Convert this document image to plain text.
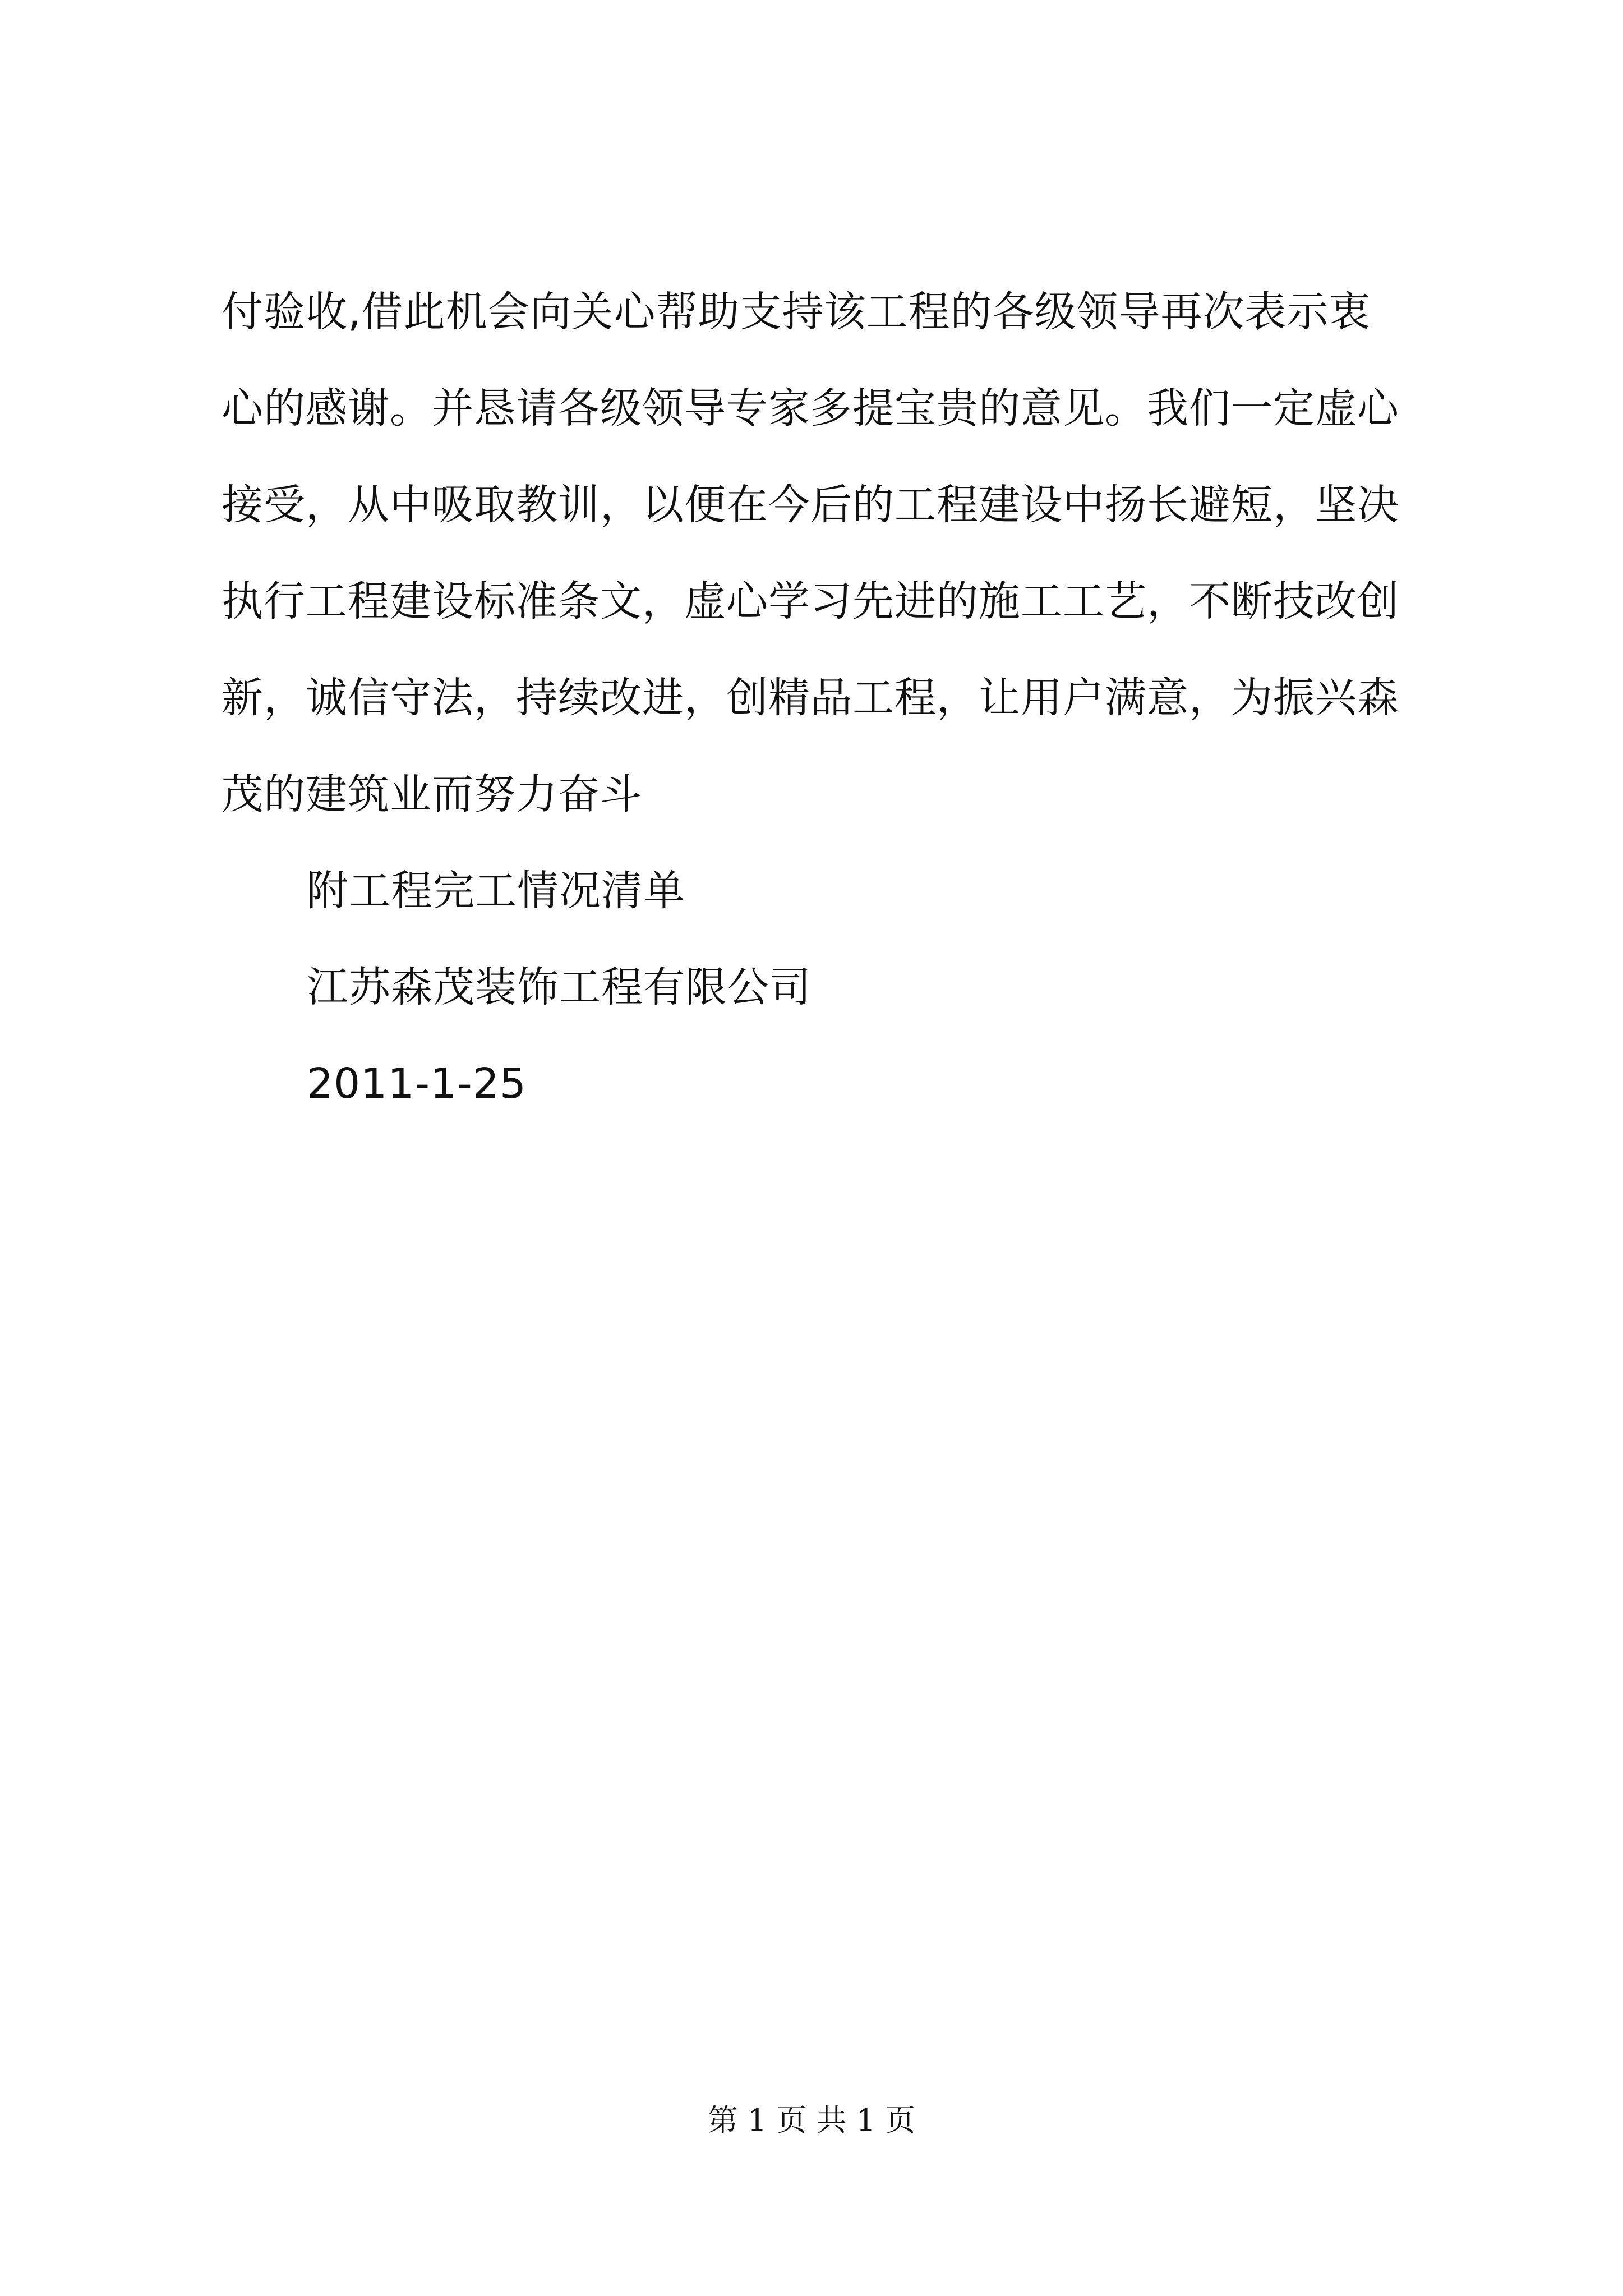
付验收,借此机会向关心帮助支持该工程的各级领导再次表示衷
心的感谢。并恳请各级领导专家多提宝贵的意见。我们一定虚心
接受，从中吸取教训，以便在今后的工程建设中扬长避短，坚决
执行工程建设标准条文，虚心学习先进的施工工艺，不断技改创
新，诚信守法，持续改进，创精品工程，让用户满意，为振兴森
茂的建筑业而努力奋斗
附工程完工情况清单
江苏森茂装饰工程有限公司
2011-1-25
第 1 页 共 1 页
